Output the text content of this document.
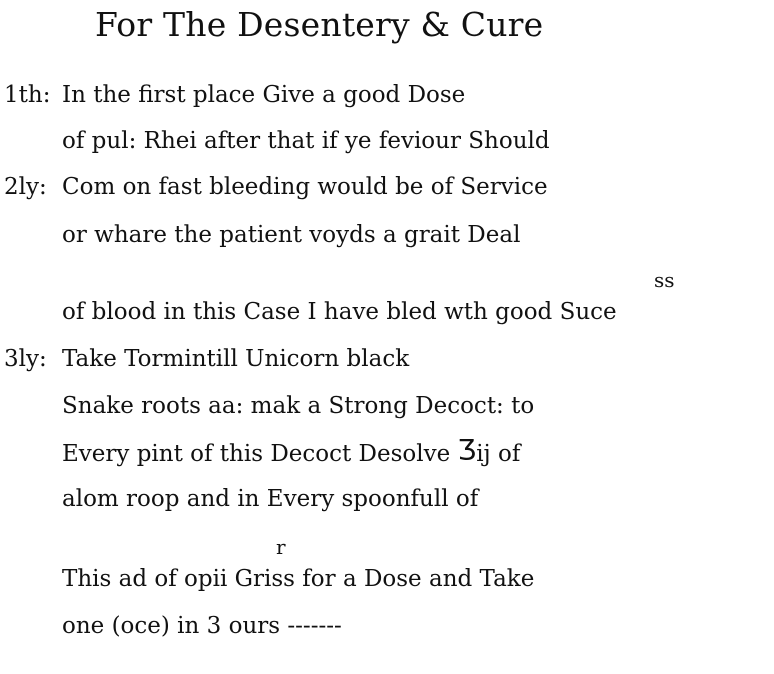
For The Desentery & Cure
1th: In the first place Give a good Dose
of pul: Rhei after that if ye feviour Should
2ly: Com on fast bleeding would be of Service
or whare the patient voyds a grait Deal
ss
of blood in this Case I have bled wth good Suce
3ly: Take Tormintill Unicorn black
Snake roots aa: mak a Strong Decoct: to
Every pint of this Decoct Desolve Ʒij of
alom roop and in Every spoonfull of
r
This ad of opii Griss for a Dose and Take
one (oce) in 3 ours -------
